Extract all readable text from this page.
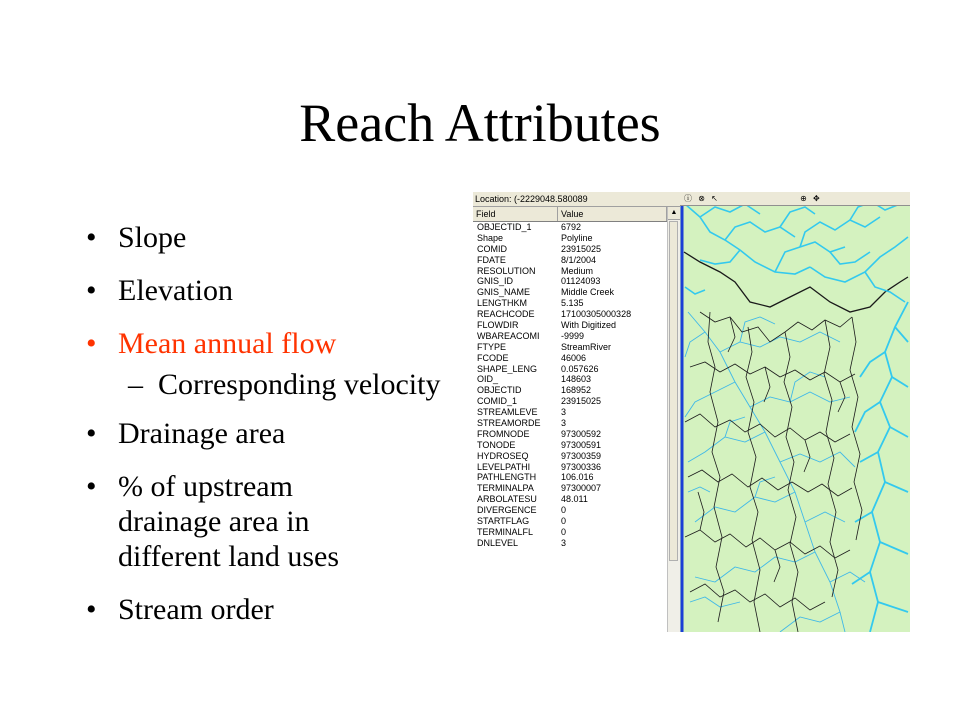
Reach Attributes
• Slope
• Elevation
• Mean annual flow
– Corresponding velocity
• Drainage area
• % of upstream drainage area in different land uses
• Stream order
Location: (-2229048.580089
Field	Value
OBJECTID_1	6792
Shape	Polyline
COMID	23915025
FDATE	8/1/2004
RESOLUTION	Medium
GNIS_ID	01124093
GNIS_NAME	Middle Creek
LENGTHKM	5.135
REACHCODE	17100305000328
FLOWDIR	With Digitized
WBAREACOMI	-9999
FTYPE	StreamRiver
FCODE	46006
SHAPE_LENG	0.057626
OID_	148603
OBJECTID	168952
COMID_1	23915025
STREAMLEVE	3
STREAMORDE	3
FROMNODE	97300592
TONODE	97300591
HYDROSEQ	97300359
LEVELPATHI	97300336
PATHLENGTH	106.016
TERMINALPA	97300007
ARBOLATESU	48.011
DIVERGENCE	0
STARTFLAG	0
TERMINALFL	0
DNLEVEL	3
▲
ⓘ ⊗ ↖	⊕ ✥
